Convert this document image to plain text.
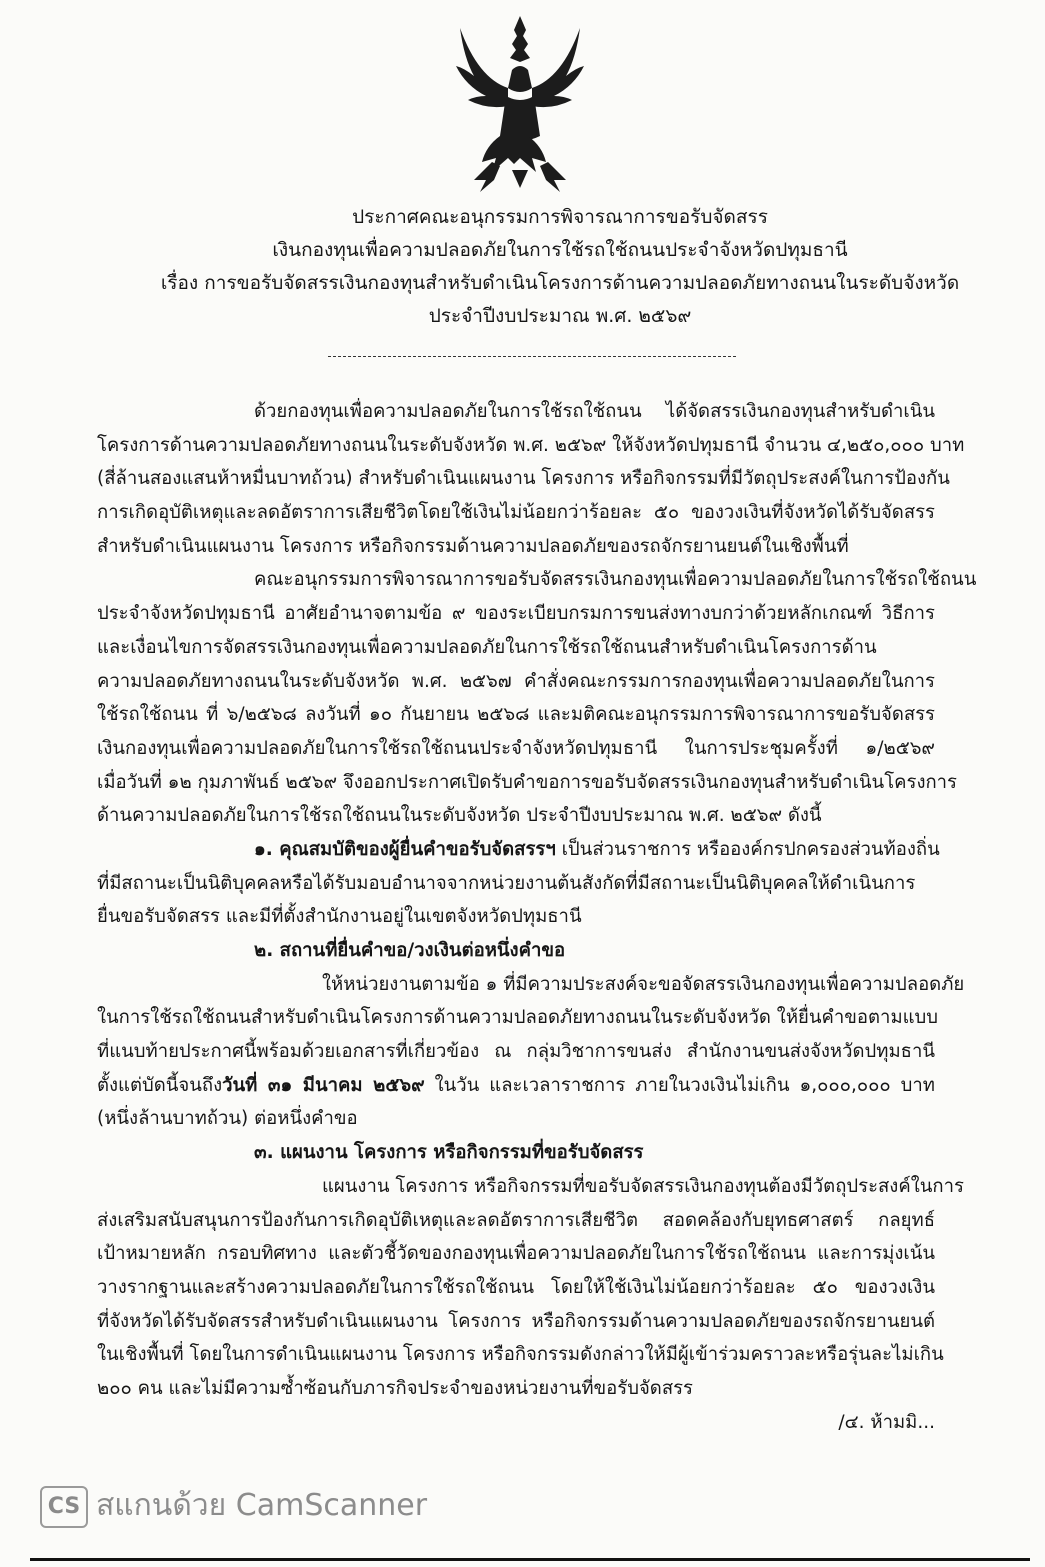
ประกาศคณะอนุกรรมการพิจารณาการขอรับจัดสรร
เงินกองทุนเพื่อความปลอดภัยในการใช้รถใช้ถนนประจำจังหวัดปทุมธานี
เรื่อง การขอรับจัดสรรเงินกองทุนสำหรับดำเนินโครงการด้านความปลอดภัยทางถนนในระดับจังหวัด
ประจำปีงบประมาณ พ.ศ. ๒๕๖๙
ด้วยกองทุนเพื่อความปลอดภัยในการใช้รถใช้ถนน ได้จัดสรรเงินกองทุนสำหรับดำเนิน
โครงการด้านความปลอดภัยทางถนนในระดับจังหวัด พ.ศ. ๒๕๖๙ ให้จังหวัดปทุมธานี จำนวน ๔,๒๕๐,๐๐๐ บาท
(สี่ล้านสองแสนห้าหมื่นบาทถ้วน) สำหรับดำเนินแผนงาน โครงการ หรือกิจกรรมที่มีวัตถุประสงค์ในการป้องกัน
การเกิดอุบัติเหตุและลดอัตราการเสียชีวิตโดยใช้เงินไม่น้อยกว่าร้อยละ ๕๐ ของวงเงินที่จังหวัดได้รับจัดสรร
สำหรับดำเนินแผนงาน โครงการ หรือกิจกรรมด้านความปลอดภัยของรถจักรยานยนต์ในเชิงพื้นที่
คณะอนุกรรมการพิจารณาการขอรับจัดสรรเงินกองทุนเพื่อความปลอดภัยในการใช้รถใช้ถนน
ประจำจังหวัดปทุมธานี อาศัยอำนาจตามข้อ ๙ ของระเบียบกรมการขนส่งทางบกว่าด้วยหลักเกณฑ์ วิธีการ
และเงื่อนไขการจัดสรรเงินกองทุนเพื่อความปลอดภัยในการใช้รถใช้ถนนสำหรับดำเนินโครงการด้าน
ความปลอดภัยทางถนนในระดับจังหวัด พ.ศ. ๒๕๖๗ คำสั่งคณะกรรมการกองทุนเพื่อความปลอดภัยในการ
ใช้รถใช้ถนน ที่ ๖/๒๕๖๘ ลงวันที่ ๑๐ กันยายน ๒๕๖๘ และมติคณะอนุกรรมการพิจารณาการขอรับจัดสรร
เงินกองทุนเพื่อความปลอดภัยในการใช้รถใช้ถนนประจำจังหวัดปทุมธานี ในการประชุมครั้งที่ ๑/๒๕๖๙
เมื่อวันที่ ๑๒ กุมภาพันธ์ ๒๕๖๙ จึงออกประกาศเปิดรับคำขอการขอรับจัดสรรเงินกองทุนสำหรับดำเนินโครงการ
ด้านความปลอดภัยในการใช้รถใช้ถนนในระดับจังหวัด ประจำปีงบประมาณ พ.ศ. ๒๕๖๙ ดังนี้
๑. คุณสมบัติของผู้ยื่นคำขอรับจัดสรรฯ เป็นส่วนราชการ หรือองค์กรปกครองส่วนท้องถิ่น
ที่มีสถานะเป็นนิติบุคคลหรือได้รับมอบอำนาจจากหน่วยงานต้นสังกัดที่มีสถานะเป็นนิติบุคคลให้ดำเนินการ
ยื่นขอรับจัดสรร และมีที่ตั้งสำนักงานอยู่ในเขตจังหวัดปทุมธานี
๒. สถานที่ยื่นคำขอ/วงเงินต่อหนึ่งคำขอ
ให้หน่วยงานตามข้อ ๑ ที่มีความประสงค์จะขอจัดสรรเงินกองทุนเพื่อความปลอดภัย
ในการใช้รถใช้ถนนสำหรับดำเนินโครงการด้านความปลอดภัยทางถนนในระดับจังหวัด ให้ยื่นคำขอตามแบบ
ที่แนบท้ายประกาศนี้พร้อมด้วยเอกสารที่เกี่ยวข้อง ณ กลุ่มวิชาการขนส่ง สำนักงานขนส่งจังหวัดปทุมธานี
ตั้งแต่บัดนี้จนถึงวันที่ ๓๑ มีนาคม ๒๕๖๙ ในวัน และเวลาราชการ ภายในวงเงินไม่เกิน ๑,๐๐๐,๐๐๐ บาท
(หนึ่งล้านบาทถ้วน) ต่อหนึ่งคำขอ
๓. แผนงาน โครงการ หรือกิจกรรมที่ขอรับจัดสรร
แผนงาน โครงการ หรือกิจกรรมที่ขอรับจัดสรรเงินกองทุนต้องมีวัตถุประสงค์ในการ
ส่งเสริมสนับสนุนการป้องกันการเกิดอุบัติเหตุและลดอัตราการเสียชีวิต สอดคล้องกับยุทธศาสตร์ กลยุทธ์
เป้าหมายหลัก กรอบทิศทาง และตัวชี้วัดของกองทุนเพื่อความปลอดภัยในการใช้รถใช้ถนน และการมุ่งเน้น
วางรากฐานและสร้างความปลอดภัยในการใช้รถใช้ถนน โดยให้ใช้เงินไม่น้อยกว่าร้อยละ ๕๐ ของวงเงิน
ที่จังหวัดได้รับจัดสรรสำหรับดำเนินแผนงาน โครงการ หรือกิจกรรมด้านความปลอดภัยของรถจักรยานยนต์
ในเชิงพื้นที่ โดยในการดำเนินแผนงาน โครงการ หรือกิจกรรมดังกล่าวให้มีผู้เข้าร่วมคราวละหรือรุ่นละไม่เกิน
๒๐๐ คน และไม่มีความซ้ำซ้อนกับภารกิจประจำของหน่วยงานที่ขอรับจัดสรร
/๔. ห้ามมิ...
CS สแกนด้วย CamScanner
